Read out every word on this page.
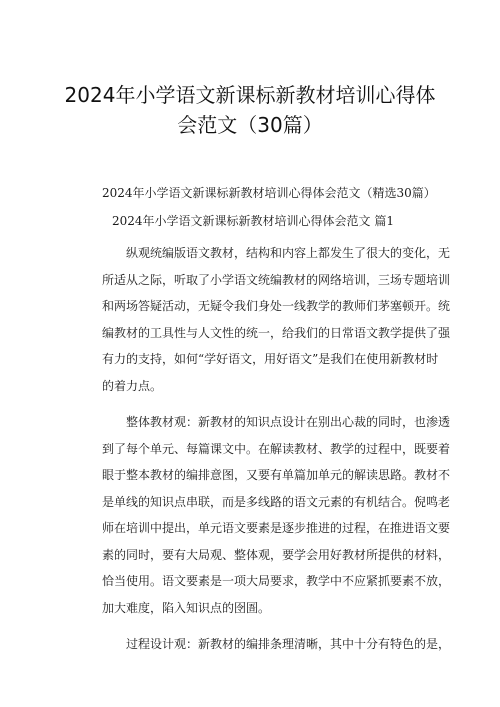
2024年小学语文新课标新教材培训心得体
会范文（30篇）
2024年小学语文新课标新教材培训心得体会范文（精选30篇）
2024年小学语文新课标新教材培训心得体会范文 篇1

　　纵观统编版语文教材，结构和内容上都发生了很大的变化，无
所适从之际，听取了小学语文统编教材的网络培训，三场专题培训
和两场答疑活动，无疑令我们身处一线教学的教师们茅塞顿开。统
编教材的工具性与人文性的统一，给我们的日常语文教学提供了强
有力的支持，如何“学好语文，用好语文”是我们在使用新教材时
的着力点。

　　整体教材观：新教材的知识点设计在别出心裁的同时，也渗透
到了每个单元、每篇课文中。在解读教材、教学的过程中，既要着
眼于整本教材的编排意图，又要有单篇加单元的解读思路。教材不
是单线的知识点串联，而是多线路的语文元素的有机结合。倪鸣老
师在培训中提出，单元语文要素是逐步推进的过程，在推进语文要
素的同时，要有大局观、整体观，要学会用好教材所提供的材料，
恰当使用。语文要素是一项大局要求，教学中不应紧抓要素不放，
加大难度，陷入知识点的囹圄。

　　过程设计观：新教材的编排条理清晰，其中十分有特色的是，
